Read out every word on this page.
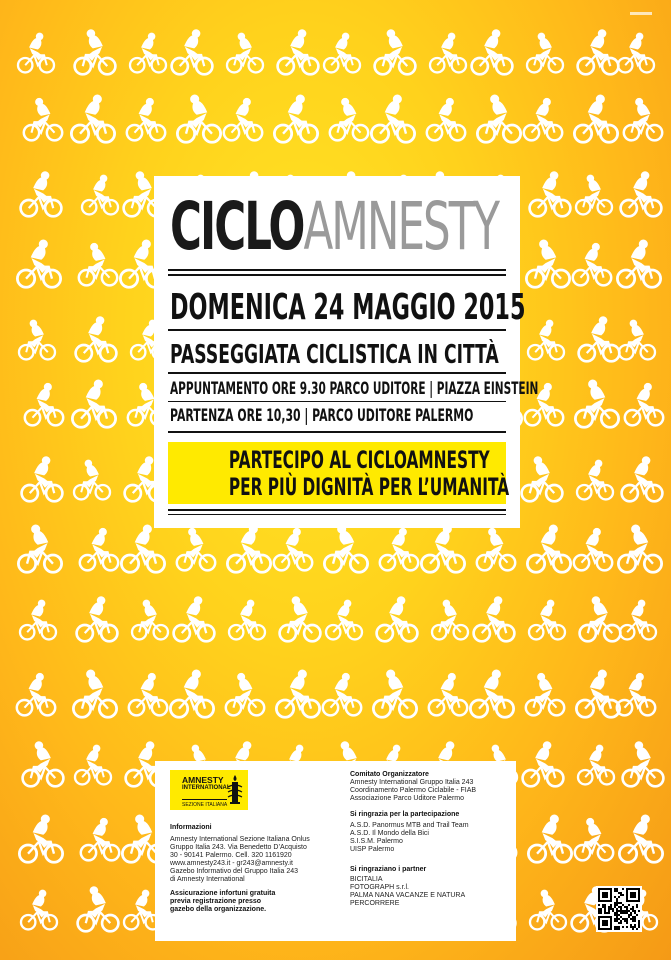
CICLOAMNESTY
DOMENICA 24 MAGGIO 2015
PASSEGGIATA CICLISTICA IN CITTÀ
APPUNTAMENTO ORE 9.30 PARCO UDITORE | PIAZZA EINSTEIN
PARTENZA ORE 10,30 | PARCO UDITORE PALERMO
PARTECIPO AL CICLOAMNESTY
PER PIÙ DIGNITÀ PER L’UMANITÀ
AMNESTY
INTERNATIONAL
SEZIONE ITALIANA
Informazioni
Amnesty International Sezione Italiana Onlus
Gruppo Italia 243. Via Benedetto D’Acquisto
30 - 90141 Palermo. Cell. 320 1161920
www.amnesty243.it - gr243@amnesty.it
Gazebo Informativo del Gruppo Italia 243
di Amnesty International
Assicurazione infortuni gratuita
previa registrazione presso
gazebo della organizzazione.
Comitato Organizzatore
Amnesty International Gruppo Italia 243
Coordinamento Palermo Ciclabile - FIAB
Associazione Parco Uditore Palermo
Si ringrazia per la partecipazione
A.S.D. Panormus MTB and Trail Team
A.S.D. Il Mondo della Bici
S.I.S.M. Palermo
UISP Palermo
Si ringraziano i partner
BICITALIA
FOTOGRAPH s.r.l.
PALMA NANA VACANZE E NATURA
PERCORRERE
